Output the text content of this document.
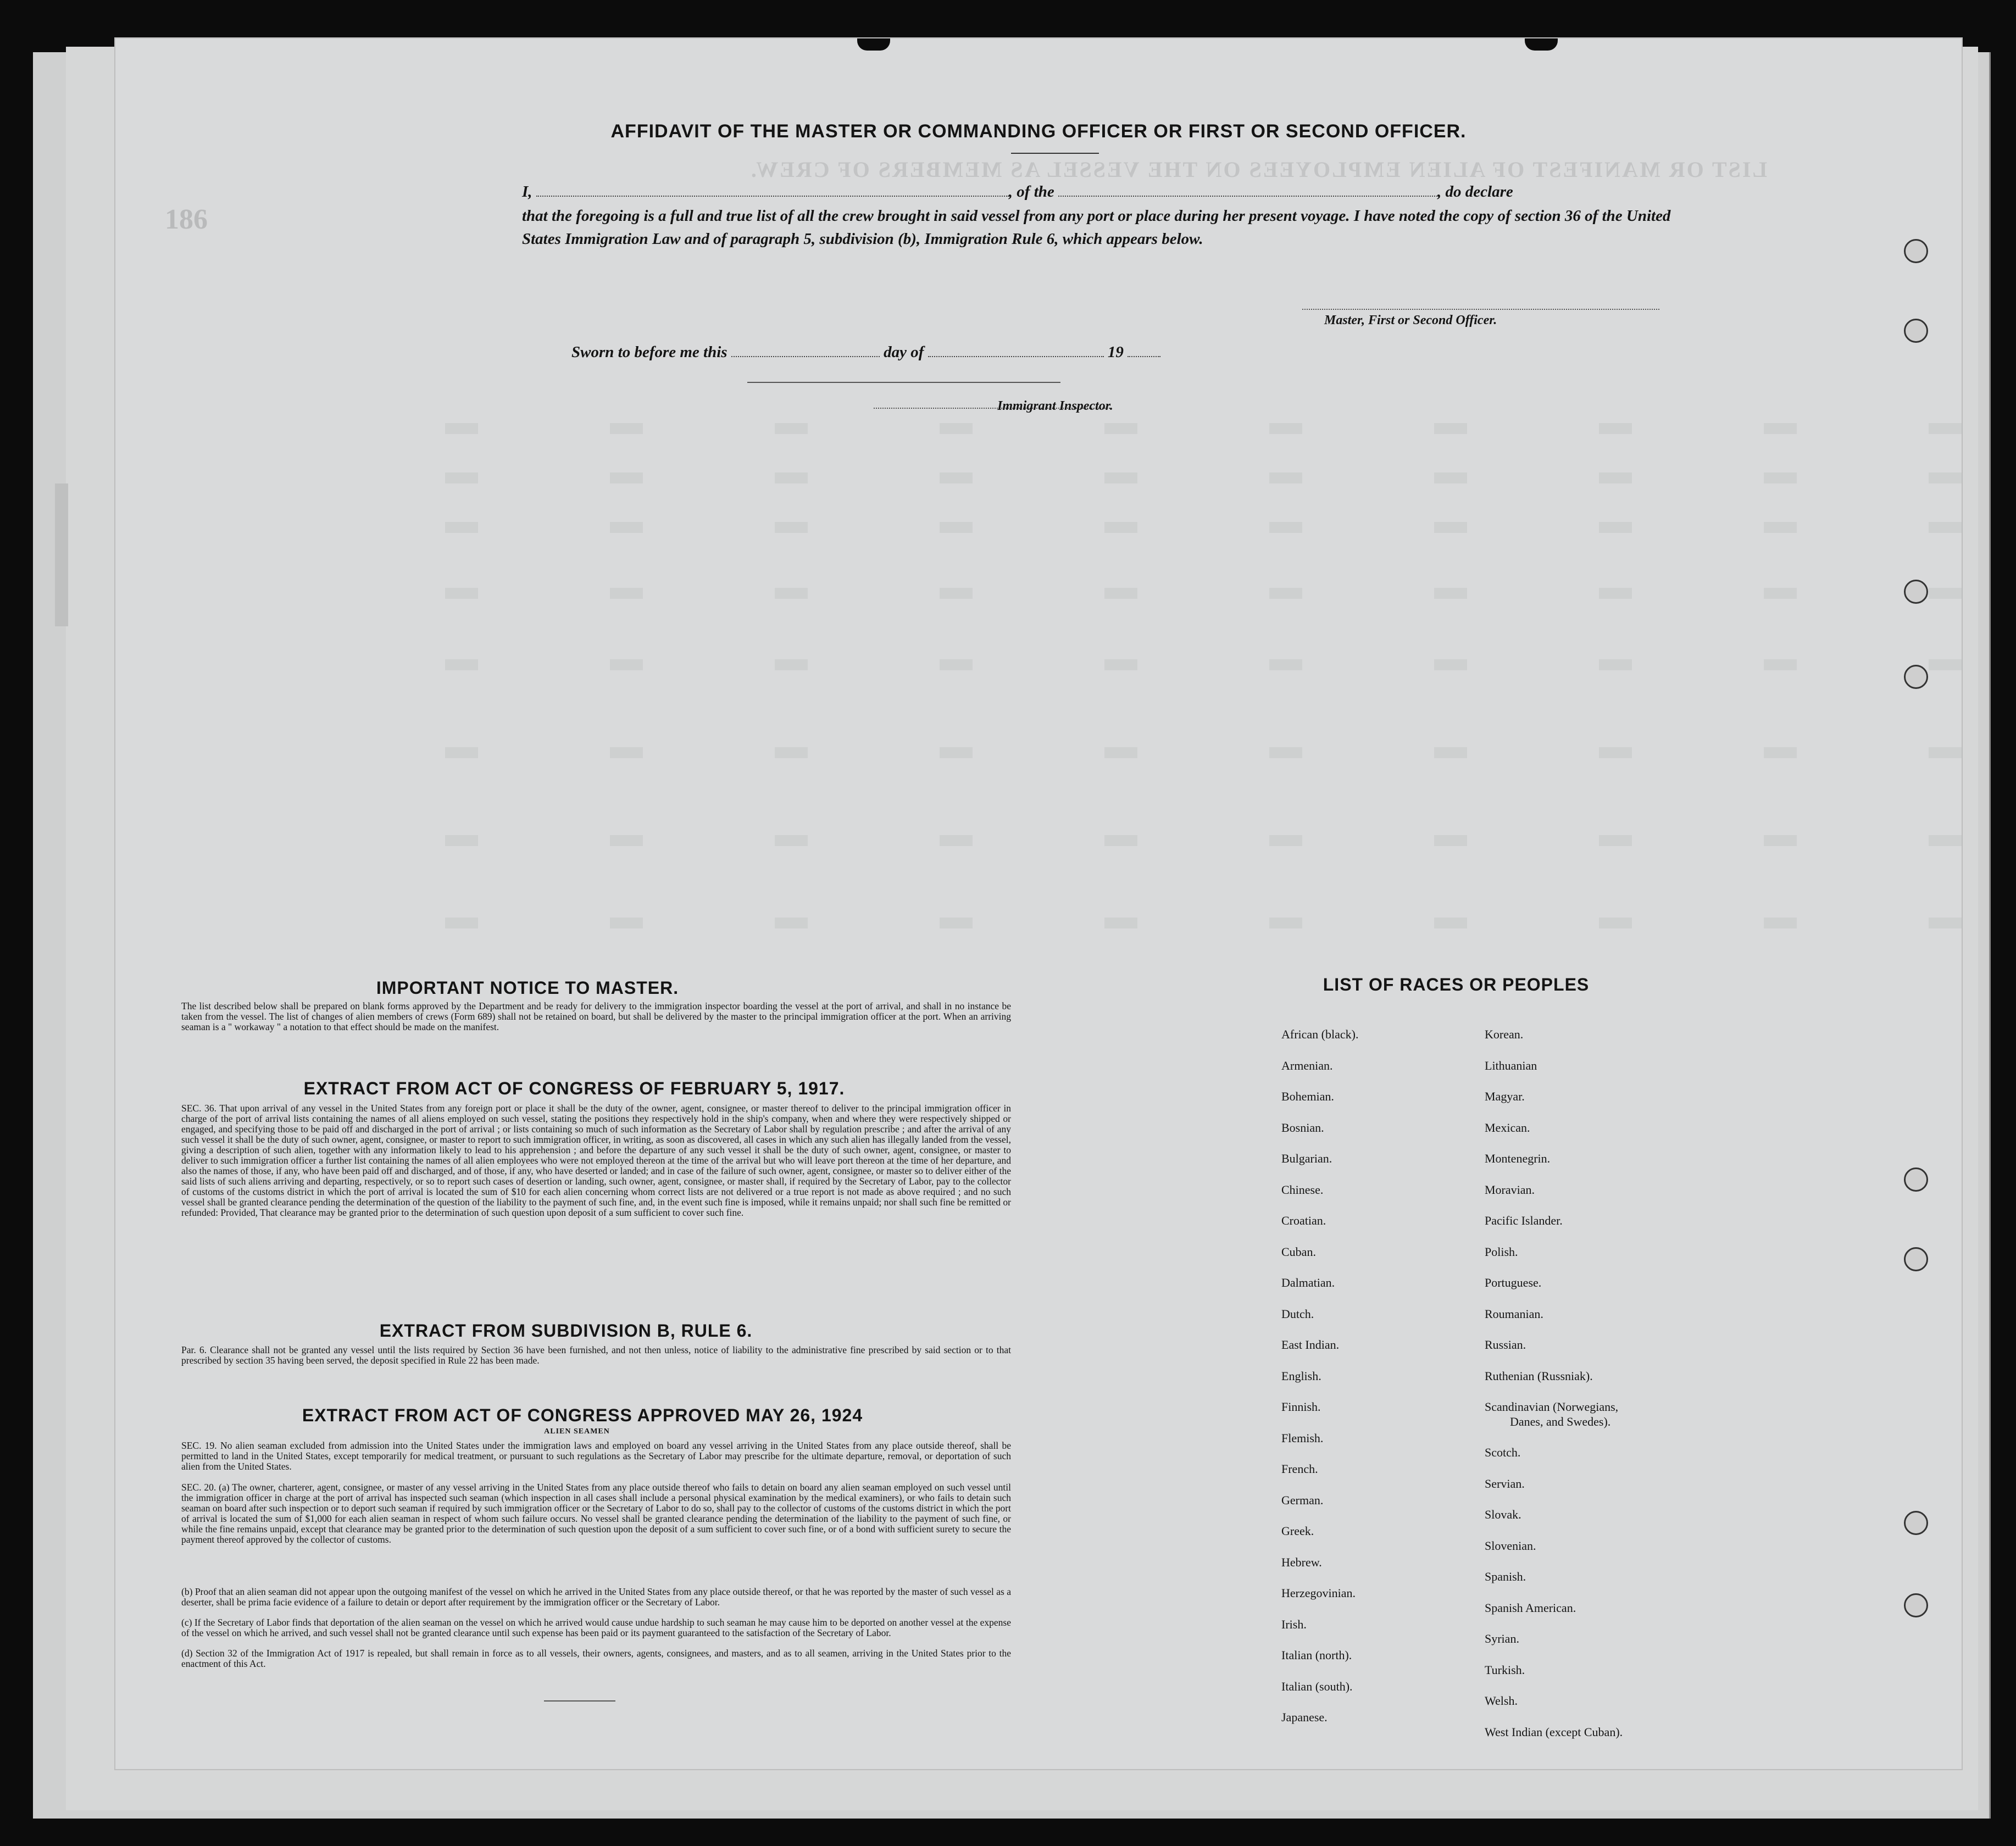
LIST OR MANIFEST OF ALIEN EMPLOYEES ON THE VESSEL AS MEMBERS OF CREW.
186
AFFIDAVIT OF THE MASTER OR COMMANDING OFFICER OR FIRST OR SECOND OFFICER.
I,	, of the	, do declare
that the foregoing is a full and true list of all the crew brought in said vessel from any port or place during her present voyage. I have noted the copy of section 36 of the United States Immigration Law and of paragraph 5, subdivision (b), Immigration Rule 6, which appears below.
Master, First or Second Officer.
Sworn to before me this	day of	19
Immigrant Inspector.
IMPORTANT NOTICE TO MASTER.
The list described below shall be prepared on blank forms approved by the Department and be ready for delivery to the immigration inspector boarding the vessel at the port of arrival, and shall in no instance be taken from the vessel. The list of changes of alien members of crews (Form 689) shall not be retained on board, but shall be delivered by the master to the principal immigration officer at the port. When an arriving seaman is a " workaway " a notation to that effect should be made on the manifest.
EXTRACT FROM ACT OF CONGRESS OF FEBRUARY 5, 1917.
SEC. 36. That upon arrival of any vessel in the United States from any foreign port or place it shall be the duty of the owner, agent, consignee, or master thereof to deliver to the principal immigration officer in charge of the port of arrival lists containing the names of all aliens employed on such vessel, stating the positions they respectively hold in the ship's company, when and where they were respectively shipped or engaged, and specifying those to be paid off and discharged in the port of arrival ; or lists containing so much of such information as the Secretary of Labor shall by regulation prescribe ; and after the arrival of any such vessel it shall be the duty of such owner, agent, consignee, or master to report to such immigration officer, in writing, as soon as discovered, all cases in which any such alien has illegally landed from the vessel, giving a description of such alien, together with any information likely to lead to his apprehension ; and before the departure of any such vessel it shall be the duty of such owner, agent, consignee, or master to deliver to such immigration officer a further list containing the names of all alien employees who were not employed thereon at the time of the arrival but who will leave port thereon at the time of her departure, and also the names of those, if any, who have been paid off and discharged, and of those, if any, who have deserted or landed; and in case of the failure of such owner, agent, consignee, or master so to deliver either of the said lists of such aliens arriving and departing, respectively, or so to report such cases of desertion or landing, such owner, agent, consignee, or master shall, if required by the Secretary of Labor, pay to the collector of customs of the customs district in which the port of arrival is located the sum of $10 for each alien concerning whom correct lists are not delivered or a true report is not made as above required ; and no such vessel shall be granted clearance pending the determination of the question of the liability to the payment of such fine, and, in the event such fine is imposed, while it remains unpaid; nor shall such fine be remitted or refunded: Provided, That clearance may be granted prior to the determination of such question upon deposit of a sum sufficient to cover such fine.
EXTRACT FROM SUBDIVISION B, RULE 6.
Par. 6. Clearance shall not be granted any vessel until the lists required by Section 36 have been furnished, and not then unless, notice of liability to the administrative fine prescribed by said section or to that prescribed by section 35 having been served, the deposit specified in Rule 22 has been made.
EXTRACT FROM ACT OF CONGRESS APPROVED MAY 26, 1924
ALIEN SEAMEN
SEC. 19. No alien seaman excluded from admission into the United States under the immigration laws and employed on board any vessel arriving in the United States from any place outside thereof, shall be permitted to land in the United States, except temporarily for medical treatment, or pursuant to such regulations as the Secretary of Labor may prescribe for the ultimate departure, removal, or deportation of such alien from the United States.
SEC. 20. (a) The owner, charterer, agent, consignee, or master of any vessel arriving in the United States from any place outside thereof who fails to detain on board any alien seaman employed on such vessel until the immigration officer in charge at the port of arrival has inspected such seaman (which inspection in all cases shall include a personal physical examination by the medical examiners), or who fails to detain such seaman on board after such inspection or to deport such seaman if required by such immigration officer or the Secretary of Labor to do so, shall pay to the collector of customs of the customs district in which the port of arrival is located the sum of $1,000 for each alien seaman in respect of whom such failure occurs. No vessel shall be granted clearance pending the determination of the liability to the payment of such fine, or while the fine remains unpaid, except that clearance may be granted prior to the determination of such question upon the deposit of a sum sufficient to cover such fine, or of a bond with sufficient surety to secure the payment thereof approved by the collector of customs.
(b) Proof that an alien seaman did not appear upon the outgoing manifest of the vessel on which he arrived in the United States from any place outside thereof, or that he was reported by the master of such vessel as a deserter, shall be prima facie evidence of a failure to detain or deport after requirement by the immigration officer or the Secretary of Labor.
(c) If the Secretary of Labor finds that deportation of the alien seaman on the vessel on which he arrived would cause undue hardship to such seaman he may cause him to be deported on another vessel at the expense of the vessel on which he arrived, and such vessel shall not be granted clearance until such expense has been paid or its payment guaranteed to the satisfaction of the Secretary of Labor.
(d) Section 32 of the Immigration Act of 1917 is repealed, but shall remain in force as to all vessels, their owners, agents, consignees, and masters, and as to all seamen, arriving in the United States prior to the enactment of this Act.
LIST OF RACES OR PEOPLES
African (black).
Armenian.
Bohemian.
Bosnian.
Bulgarian.
Chinese.
Croatian.
Cuban.
Dalmatian.
Dutch.
East Indian.
English.
Finnish.
Flemish.
French.
German.
Greek.
Hebrew.
Herzegovinian.
Irish.
Italian (north).
Italian (south).
Japanese.
Korean.
Lithuanian
Magyar.
Mexican.
Montenegrin.
Moravian.
Pacific Islander.
Polish.
Portuguese.
Roumanian.
Russian.
Ruthenian (Russniak).
Scandinavian (Norwegians,
Danes, and Swedes).
Scotch.
Servian.
Slovak.
Slovenian.
Spanish.
Spanish American.
Syrian.
Turkish.
Welsh.
West Indian (except Cuban).
